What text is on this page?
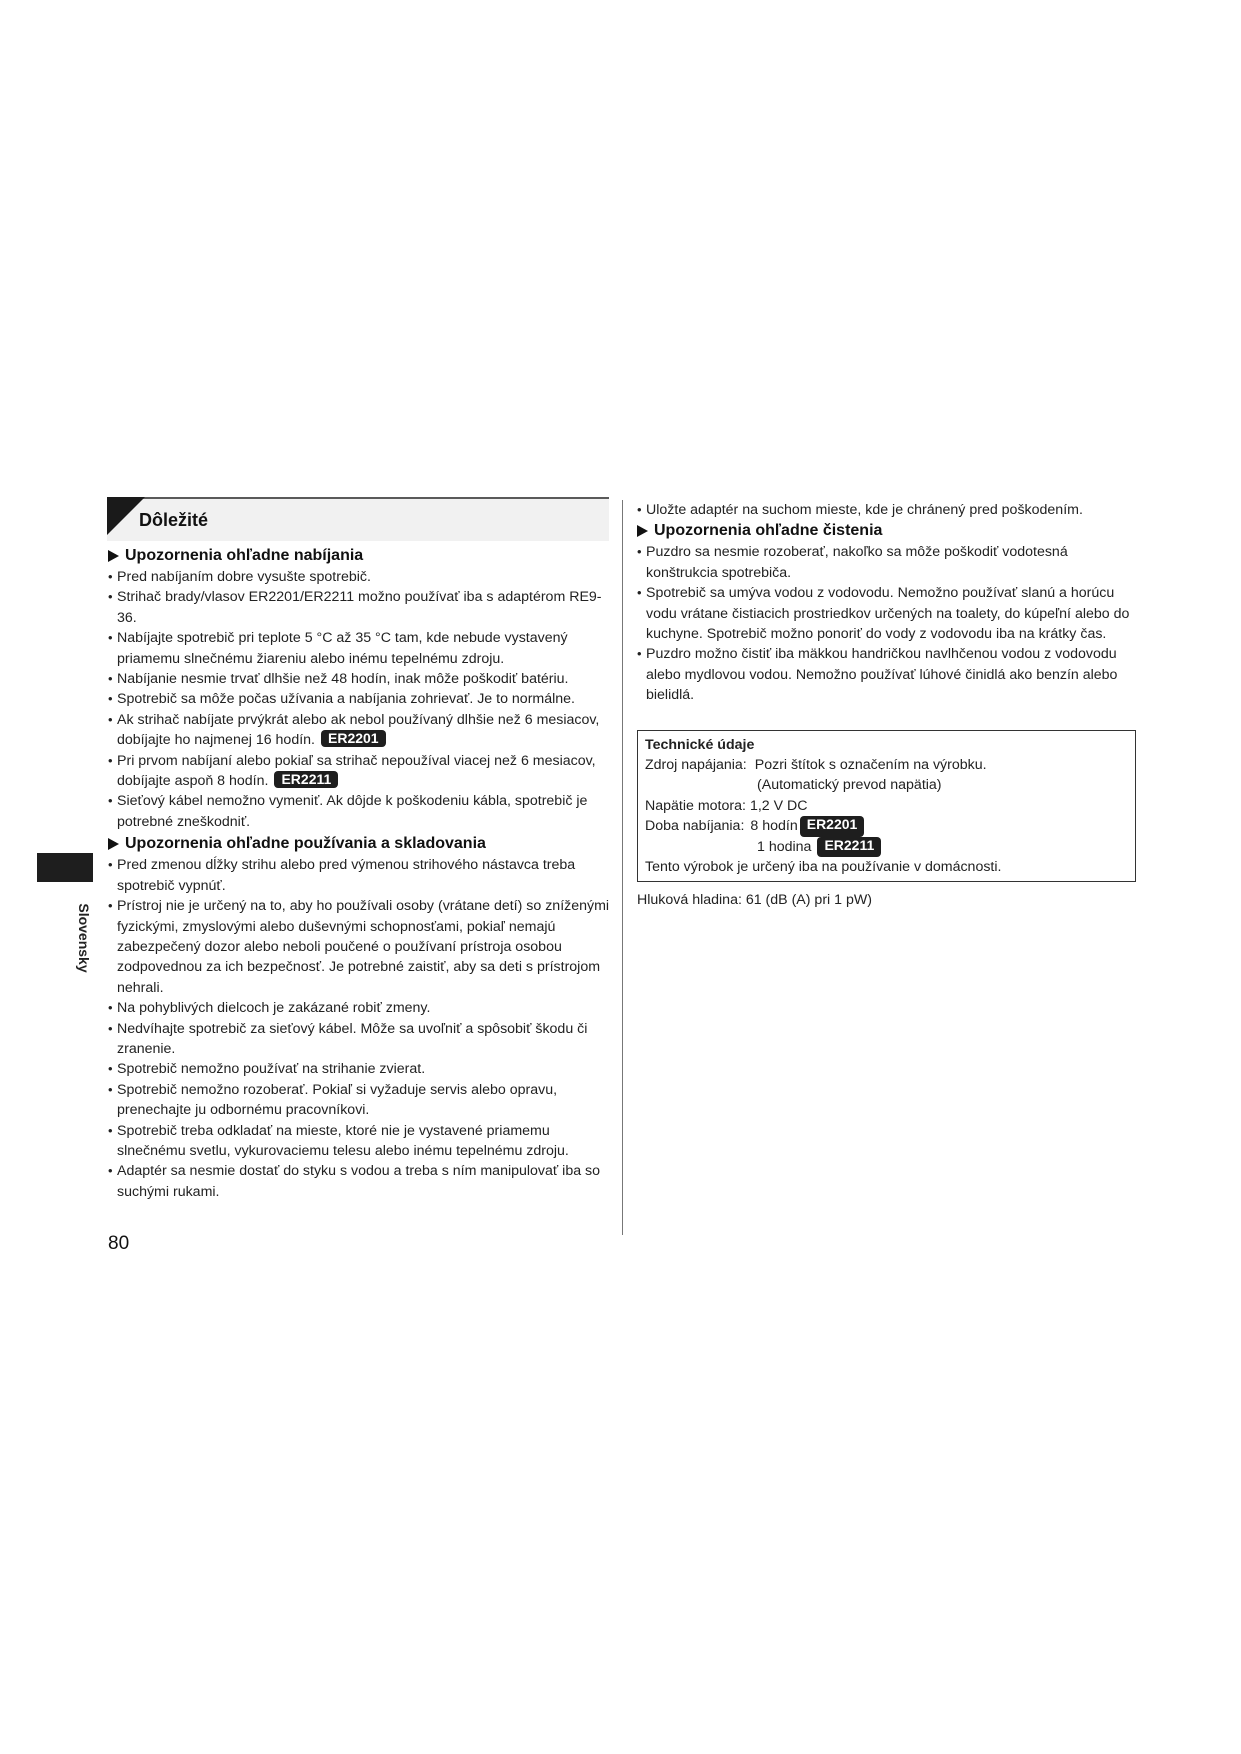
Dôležité
Slovensky
Upozornenia ohľadne nabíjania
• Pred nabíjaním dobre vysušte spotrebič.
• Strihač brady/vlasov ER2201/ER2211 možno používať iba s adaptérom RE9-36.
• Nabíjajte spotrebič pri teplote 5 °C až 35 °C tam, kde nebude vystavený priamemu slnečnému žiareniu alebo inému tepelnému zdroju.
• Nabíjanie nesmie trvať dlhšie než 48 hodín, inak môže poškodiť batériu.
• Spotrebič sa môže počas užívania a nabíjania zohrievať. Je to normálne.
• Ak strihač nabíjate prvýkrát alebo ak nebol používaný dlhšie než 6 mesiacov, dobíjajte ho najmenej 16 hodín. ER2201
• Pri prvom nabíjaní alebo pokiaľ sa strihač nepoužíval viacej než 6 mesiacov, dobíjajte aspoň 8 hodín. ER2211
• Sieťový kábel nemožno vymeniť. Ak dôjde k poškodeniu kábla, spotrebič je potrebné zneškodniť.
Upozornenia ohľadne používania a skladovania
• Pred zmenou dĺžky strihu alebo pred výmenou strihového nástavca treba spotrebič vypnúť.
• Prístroj nie je určený na to, aby ho používali osoby (vrátane detí) so zníženými fyzickými, zmyslovými alebo duševnými schopnosťami, pokiaľ nemajú zabezpečený dozor alebo neboli poučené o používaní prístroja osobou zodpovednou za ich bezpečnosť. Je potrebné zaistiť, aby sa deti s prístrojom nehrali.
• Na pohyblivých dielcoch je zakázané robiť zmeny.
• Nedvíhajte spotrebič za sieťový kábel. Môže sa uvoľniť a spôsobiť škodu či zranenie.
• Spotrebič nemožno používať na strihanie zvierat.
• Spotrebič nemožno rozoberať. Pokiaľ si vyžaduje servis alebo opravu, prenechajte ju odbornému pracovníkovi.
• Spotrebič treba odkladať na mieste, ktoré nie je vystavené priamemu slnečnému svetlu, vykurovaciemu telesu alebo inému tepelnému zdroju.
• Adaptér sa nesmie dostať do styku s vodou a treba s ním manipulovať iba so suchými rukami.
• Uložte adaptér na suchom mieste, kde je chránený pred poškodením.
Upozornenia ohľadne čistenia
• Puzdro sa nesmie rozoberať, nakoľko sa môže poškodiť vodotesná konštrukcia spotrebiča.
• Spotrebič sa umýva vodou z vodovodu. Nemožno používať slanú a horúcu vodu vrátane čistiacich prostriedkov určených na toalety, do kúpeľní alebo do kuchyne. Spotrebič možno ponoriť do vody z vodovodu iba na krátky čas.
• Puzdro možno čistiť iba mäkkou handričkou navlhčenou vodou z vodovodu alebo mydlovou vodou. Nemožno používať lúhové činidlá ako benzín alebo bielidlá.
Technické údaje
Zdroj napájania: Pozri štítok s označením na výrobku.
(Automatický prevod napätia)
Napätie motora: 1,2 V DC
Doba nabíjania: 8 hodín ER2201
1 hodina ER2211
Tento výrobok je určený iba na používanie v domácnosti.
Hluková hladina: 61 (dB (A) pri 1 pW)
80
